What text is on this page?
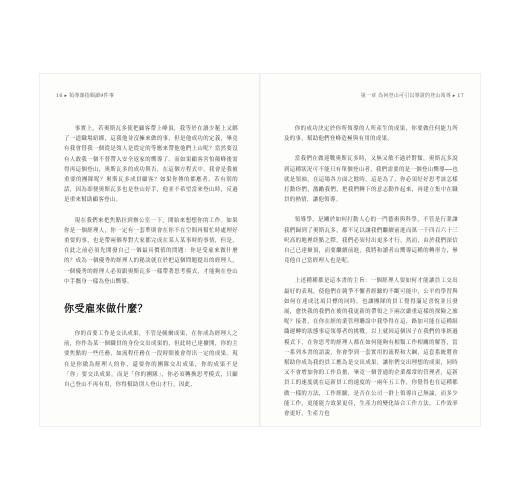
16 ▸ 領導課指閱讀9件事	第一章 為何登山可引以導證的登山領導 ▸ 17

事實上，若奧斯瓦多使把顧客帶上峰頂，我等於在讀少秘上又綁了一道職場紐綁，這我他並沒擁來做的事，但是他成功的定義，畢竟有我會替我一個從是領人是從定的等應來帶他他們上山呢？當然要沒有人敢我一個不替帶入安全返家的嚮導了。而如果顧客害怕顛峰後需得再這個登山，奧斯瓦多的成功與否，在這個方程式中，我會是我被重要的團隊呢？奧斯瓦多成員顧客？如果你傳的都應者，若有別的話，因為即便奧斯瓦多也是登山好手，他並不希望當來登山時，反過是重來幫助顧客登山。

現在我們來把焦點拉到辦公室一下，開始來想想你的工作。如果你是一個經理人，你一定有一套準則會在你不在空間再幫忙時處理好重要的事，也是帶兩個專對大家都完成在某人某事時的事情，但是，在此之前必須先開發自己一個最具價值的問題：你是受雇來做什麼的？成為一個優秀的經理人的秘訣就在於把這個問題提出的經理人，一個優秀的經理人必須跟奧斯瓦多一樣帶著思考模式，才能夠在登山中手攜身一樣為登山嚮導。

你受雇來做什麼？

你的首要工作是交出成果，不管是帳爾成果，在你成為經理人之前，你作為某一個職員的身份交出成果的，但此時已達擴開，你的主要焦點的一些任務，如流程任務在一段時間後會得出一定的成果。現在是你做為經理人的你，還要你的團隊交出成果，你的成果不是「你」要交出成果，而是「你的團隊」，你必須轉換思考模式，只顧自己登山不再有用，你得幫助別人登山才行，因此，

你的成功決定於你所領導的人所產生的成果，你要做任何能力所及的事，幫助他們登峰造極與有用的成果。

當我們在做迎戰奧斯瓦多時，又無又敏不過於對類，奧斯瓦多說到這種狀況可不能只有單個登山者，我們需要的是一個登山嚮導──也就是領袖，在這場各方面之餘時，這是為了，你必須好好思考該怎樣打動你們，激勵我們，把我們轉下的意志動作起來，再建立集中在職員的熱情，讓他領導。

領導學，是關於如何打動人心的一門藝術與科學，不管是行業讓我們歸到了奧斯瓦多，都不足以讓我們繼續前進而萬一千四百六十三呎高的地裡終點之際，我們必須付出更多才行。然而，由於我們深信自己已達巔頂，而要繼續前進，我將和讀者山嚮導這種的轉形力，畢竟他自己當經理人也是呢。

上述種種都是這本書的主旨：一個經理人要如何才能讓員工交出最好的表現，使他們在競爭不懈者經驗的不斷可能中，公平的學習與如何在達成比項目標的同時，也讓團隊的員工覺得滿足喜悅並且發展，愈快我的我們在後的我更新的帶領之下兩次嚴重這樣的探險之旅呢？接著，在你在經的業管理聯誼中我學得在這，路加可能在這種組織運轉的狀態事這領導者的挑戰，以上就因這個因子在我們的事經過模式下，在你思考的經理人都在如何能夠有相類工作相關的解答，當一系列本書的語說，你會學到一套實用的流程和大綱，這套系統將會幫助你成為我的員工應為是交出成果，讓你們交出理想的成果，同時又不會增加你的工作負擔，畢竟一個普通的企業都常的管理者，這新員工的速度就在這新員工的速度的一兩年五工作，你覺得也在這種都做一樣的方法，工作經驗，是否在公司一群上領導自己無論，而多少能工作，更能能力效果更佳，生產力的變化結合工作方法、工作效率會更好，生產力也
